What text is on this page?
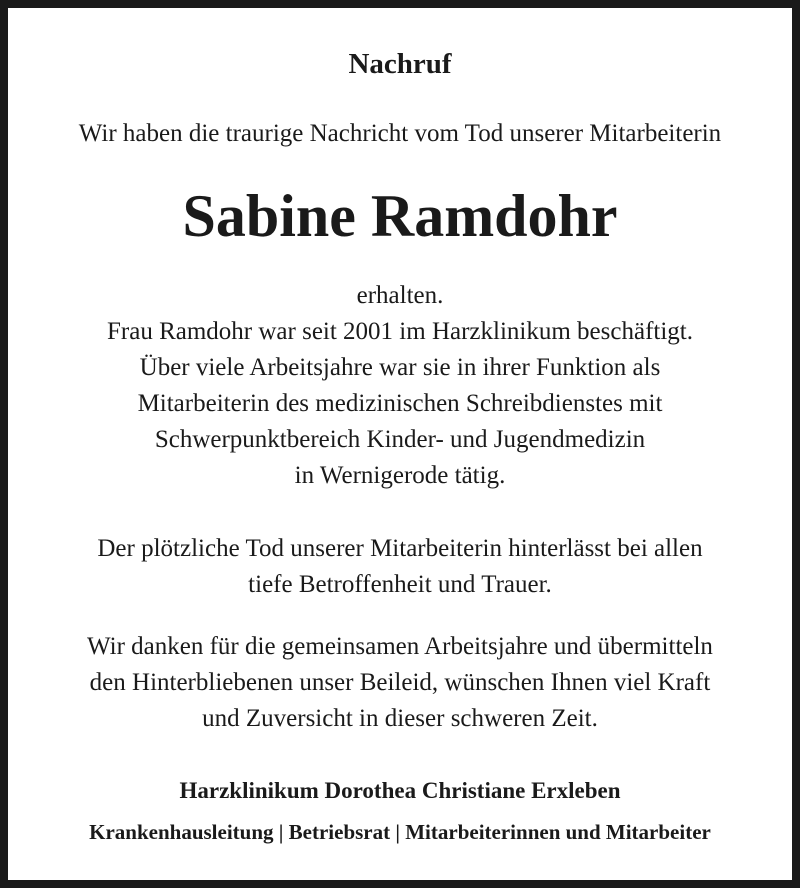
Nachruf

Wir haben die traurige Nachricht vom Tod unserer Mitarbeiterin

Sabine Ramdohr

erhalten.
Frau Ramdohr war seit 2001 im Harzklinikum beschäftigt.
Über viele Arbeitsjahre war sie in ihrer Funktion als
Mitarbeiterin des medizinischen Schreibdienstes mit
Schwerpunktbereich Kinder- und Jugendmedizin
in Wernigerode tätig.
Der plötzliche Tod unserer Mitarbeiterin hinterlässt bei allen
tiefe Betroffenheit und Trauer.
Wir danken für die gemeinsamen Arbeitsjahre und übermitteln
den Hinterbliebenen unser Beileid, wünschen Ihnen viel Kraft
und Zuversicht in dieser schweren Zeit.

Harzklinikum Dorothea Christiane Erxleben

Krankenhausleitung | Betriebsrat | Mitarbeiterinnen und Mitarbeiter
